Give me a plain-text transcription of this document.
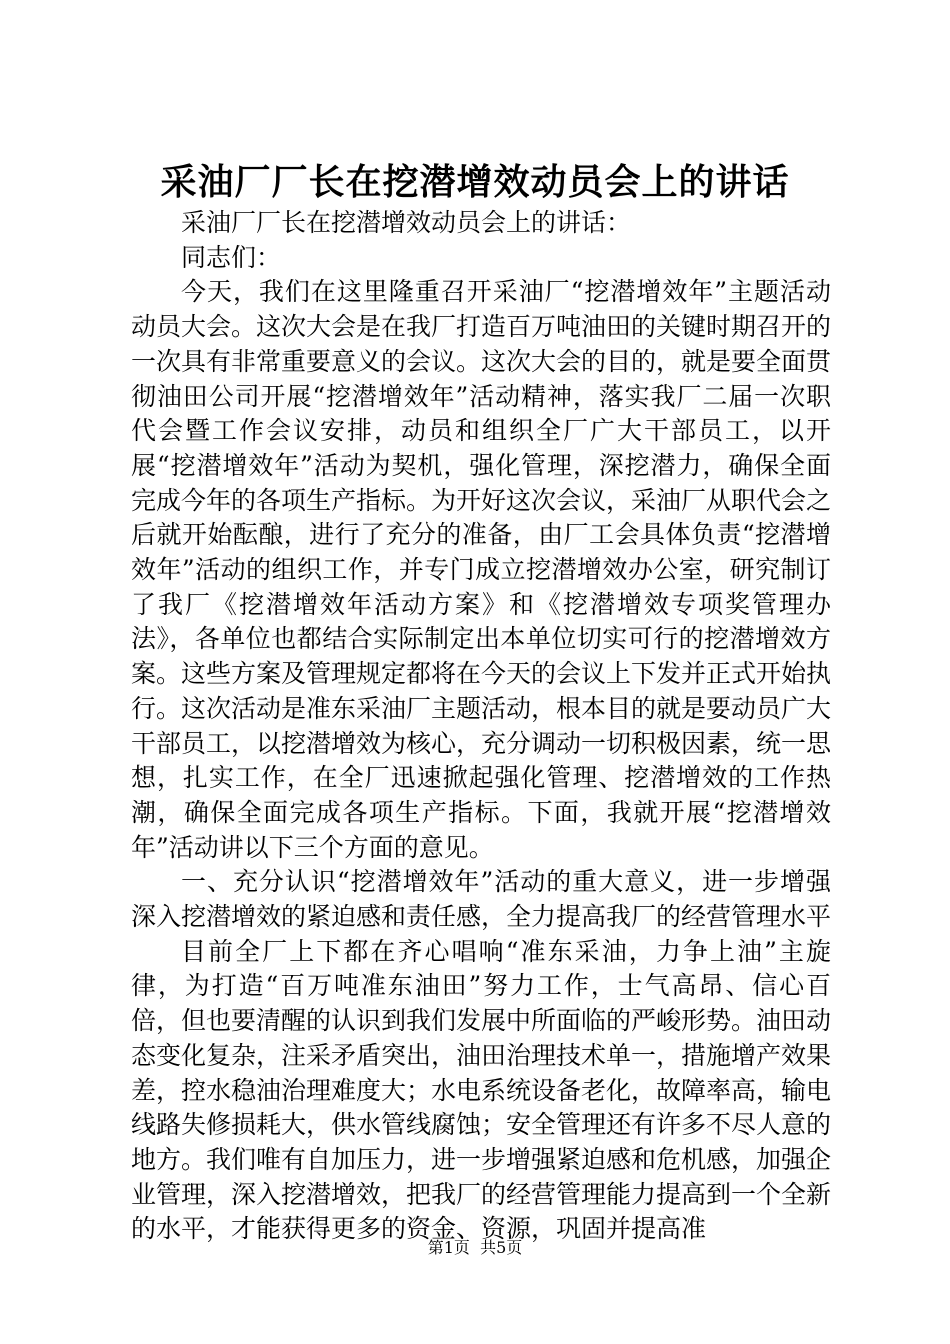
采油厂厂长在挖潜增效动员会上的讲话

采油厂厂长在挖潜增效动员会上的讲话：

同志们：

今天，我们在这里隆重召开采油厂“挖潜增效年”主题活动动员大会。这次大会是在我厂打造百万吨油田的关键时期召开的一次具有非常重要意义的会议。这次大会的目的，就是要全面贯彻油田公司开展“挖潜增效年”活动精神，落实我厂二届一次职代会暨工作会议安排，动员和组织全厂广大干部员工，以开展“挖潜增效年”活动为契机，强化管理，深挖潜力，确保全面完成今年的各项生产指标。为开好这次会议，采油厂从职代会之后就开始酝酿，进行了充分的准备，由厂工会具体负责“挖潜增效年”活动的组织工作，并专门成立挖潜增效办公室，研究制订了我厂《挖潜增效年活动方案》和《挖潜增效专项奖管理办法》，各单位也都结合实际制定出本单位切实可行的挖潜增效方案。这些方案及管理规定都将在今天的会议上下发并正式开始执行。这次活动是准东采油厂主题活动，根本目的就是要动员广大干部员工，以挖潜增效为核心，充分调动一切积极因素，统一思想，扎实工作，在全厂迅速掀起强化管理、挖潜增效的工作热潮，确保全面完成各项生产指标。下面，我就开展“挖潜增效年”活动讲以下三个方面的意见。

一、充分认识“挖潜增效年”活动的重大意义，进一步增强深入挖潜增效的紧迫感和责任感，全力提高我厂的经营管理水平

目前全厂上下都在齐心唱响“准东采油，力争上油”主旋律，为打造“百万吨准东油田”努力工作，士气高昂、信心百倍，但也要清醒的认识到我们发展中所面临的严峻形势。油田动态变化复杂，注采矛盾突出，油田治理技术单一，措施增产效果差，控水稳油治理难度大；水电系统设备老化，故障率高，输电线路失修损耗大，供水管线腐蚀；安全管理还有许多不尽人意的地方。我们唯有自加压力，进一步增强紧迫感和危机感，加强企业管理，深入挖潜增效，把我厂的经营管理能力提高到一个全新的水平，才能获得更多的资金、资源，巩固并提高准

第1页 共5页
